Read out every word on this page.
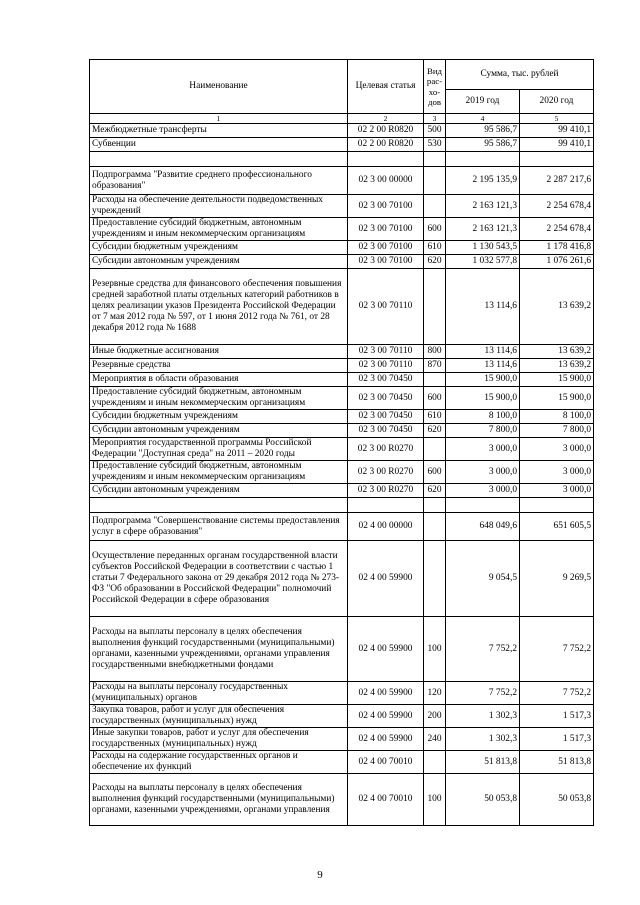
Наименование	Целевая статья	Вид рас-хо-дов	Сумма, тыс. рублей	
			2019 год	2020 год
1	2	3	4	5
Межбюджетные трансферты	02 2 00 R0820	500	95 586,7	99 410,1
Субвенции	02 2 00 R0820	530	95 586,7	99 410,1

Подпрограмма "Развитие среднего профессионального образования"	02 3 00 00000		2 195 135,9	2 287 217,6
Расходы на обеспечение деятельности подведомственных учреждений	02 3 00 70100		2 163 121,3	2 254 678,4
Предоставление субсидий бюджетным, автономным учреждениям и иным некоммерческим организациям	02 3 00 70100	600	2 163 121,3	2 254 678,4
Субсидии бюджетным учреждениям	02 3 00 70100	610	1 130 543,5	1 178 416,8
Субсидии автономным учреждениям	02 3 00 70100	620	1 032 577,8	1 076 261,6
Резервные средства для финансового обеспечения повышения средней заработной платы отдельных категорий работников в целях реализации указов Президента Российской Федерации от 7 мая 2012 года № 597, от 1 июня 2012 года № 761, от 28 декабря 2012 года № 1688	02 3 00 70110		13 114,6	13 639,2
Иные бюджетные ассигнования	02 3 00 70110	800	13 114,6	13 639,2
Резервные средства	02 3 00 70110	870	13 114,6	13 639,2
Мероприятия в области образования	02 3 00 70450		15 900,0	15 900,0
Предоставление субсидий бюджетным, автономным учреждениям и иным некоммерческим организациям	02 3 00 70450	600	15 900,0	15 900,0
Субсидии бюджетным учреждениям	02 3 00 70450	610	8 100,0	8 100,0
Субсидии автономным учреждениям	02 3 00 70450	620	7 800,0	7 800,0
Мероприятия государственной программы Российской Федерации "Доступная среда" на 2011 – 2020 годы	02 3 00 R0270		3 000,0	3 000,0
Предоставление субсидий бюджетным, автономным учреждениям и иным некоммерческим организациям	02 3 00 R0270	600	3 000,0	3 000,0
Субсидии автономным учреждениям	02 3 00 R0270	620	3 000,0	3 000,0

Подпрограмма "Совершенствование системы предоставления услуг в сфере образования"	02 4 00 00000		648 049,6	651 605,5
Осуществление переданных органам государственной власти субъектов Российской Федерации в соответствии с частью 1 статьи 7 Федерального закона от 29 декабря 2012 года № 273-ФЗ "Об образовании в Российской Федерации" полномочий Российской Федерации в сфере образования	02 4 00 59900		9 054,5	9 269,5
Расходы на выплаты персоналу в целях обеспечения выполнения функций государственными (муниципальными) органами, казенными учреждениями, органами управления государственными внебюджетными фондами	02 4 00 59900	100	7 752,2	7 752,2
Расходы на выплаты персоналу государственных (муниципальных) органов	02 4 00 59900	120	7 752,2	7 752,2
Закупка товаров, работ и услуг для обеспечения государственных (муниципальных) нужд	02 4 00 59900	200	1 302,3	1 517,3
Иные закупки товаров, работ и услуг для обеспечения государственных (муниципальных) нужд	02 4 00 59900	240	1 302,3	1 517,3
Расходы на содержание государственных органов и обеспечение их функций	02 4 00 70010		51 813,8	51 813,8
Расходы на выплаты персоналу в целях обеспечения выполнения функций государственными (муниципальными) органами, казенными учреждениями, органами управления	02 4 00 70010	100	50 053,8	50 053,8
9
